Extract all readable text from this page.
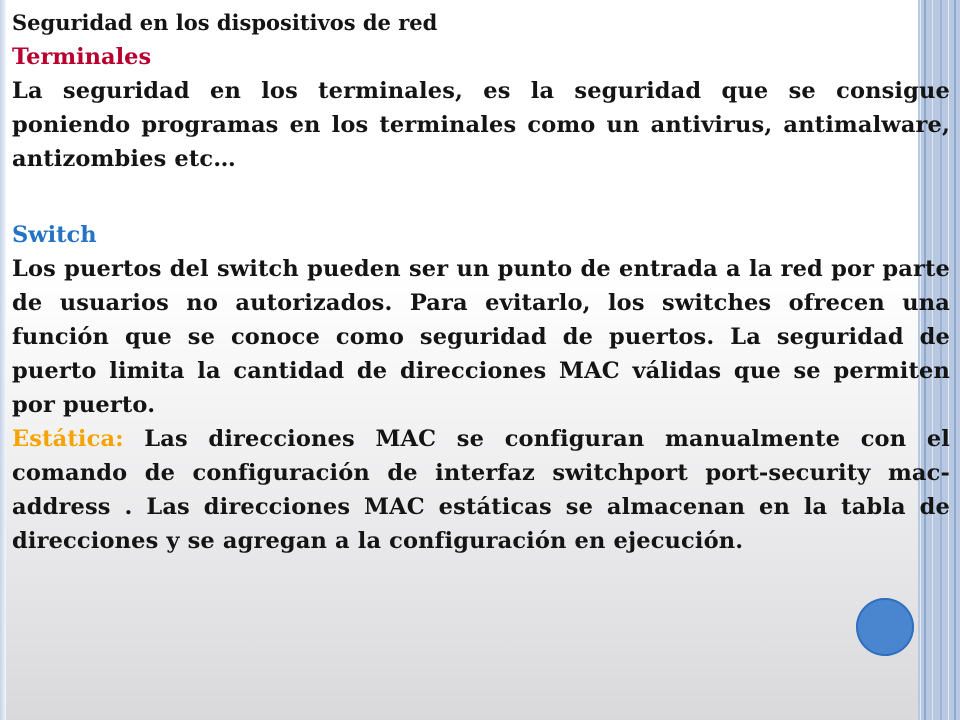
Seguridad en los dispositivos de red

Terminales

La seguridad en los terminales, es la seguridad que se consigue poniendo programas en los terminales como un antivirus, antimalware, antizombies etc…

Switch

Los puertos del switch pueden ser un punto de entrada a la red por parte de usuarios no autorizados. Para evitarlo, los switches ofrecen una función que se conoce como seguridad de puertos. La seguridad de puerto limita la cantidad de direcciones MAC válidas que se permiten por puerto.

Estática: Las direcciones MAC se configuran manualmente con el comando de configuración de interfaz switchport port-security mac-address . Las direcciones MAC estáticas se almacenan en la tabla de direcciones y se agregan a la configuración en ejecución.
